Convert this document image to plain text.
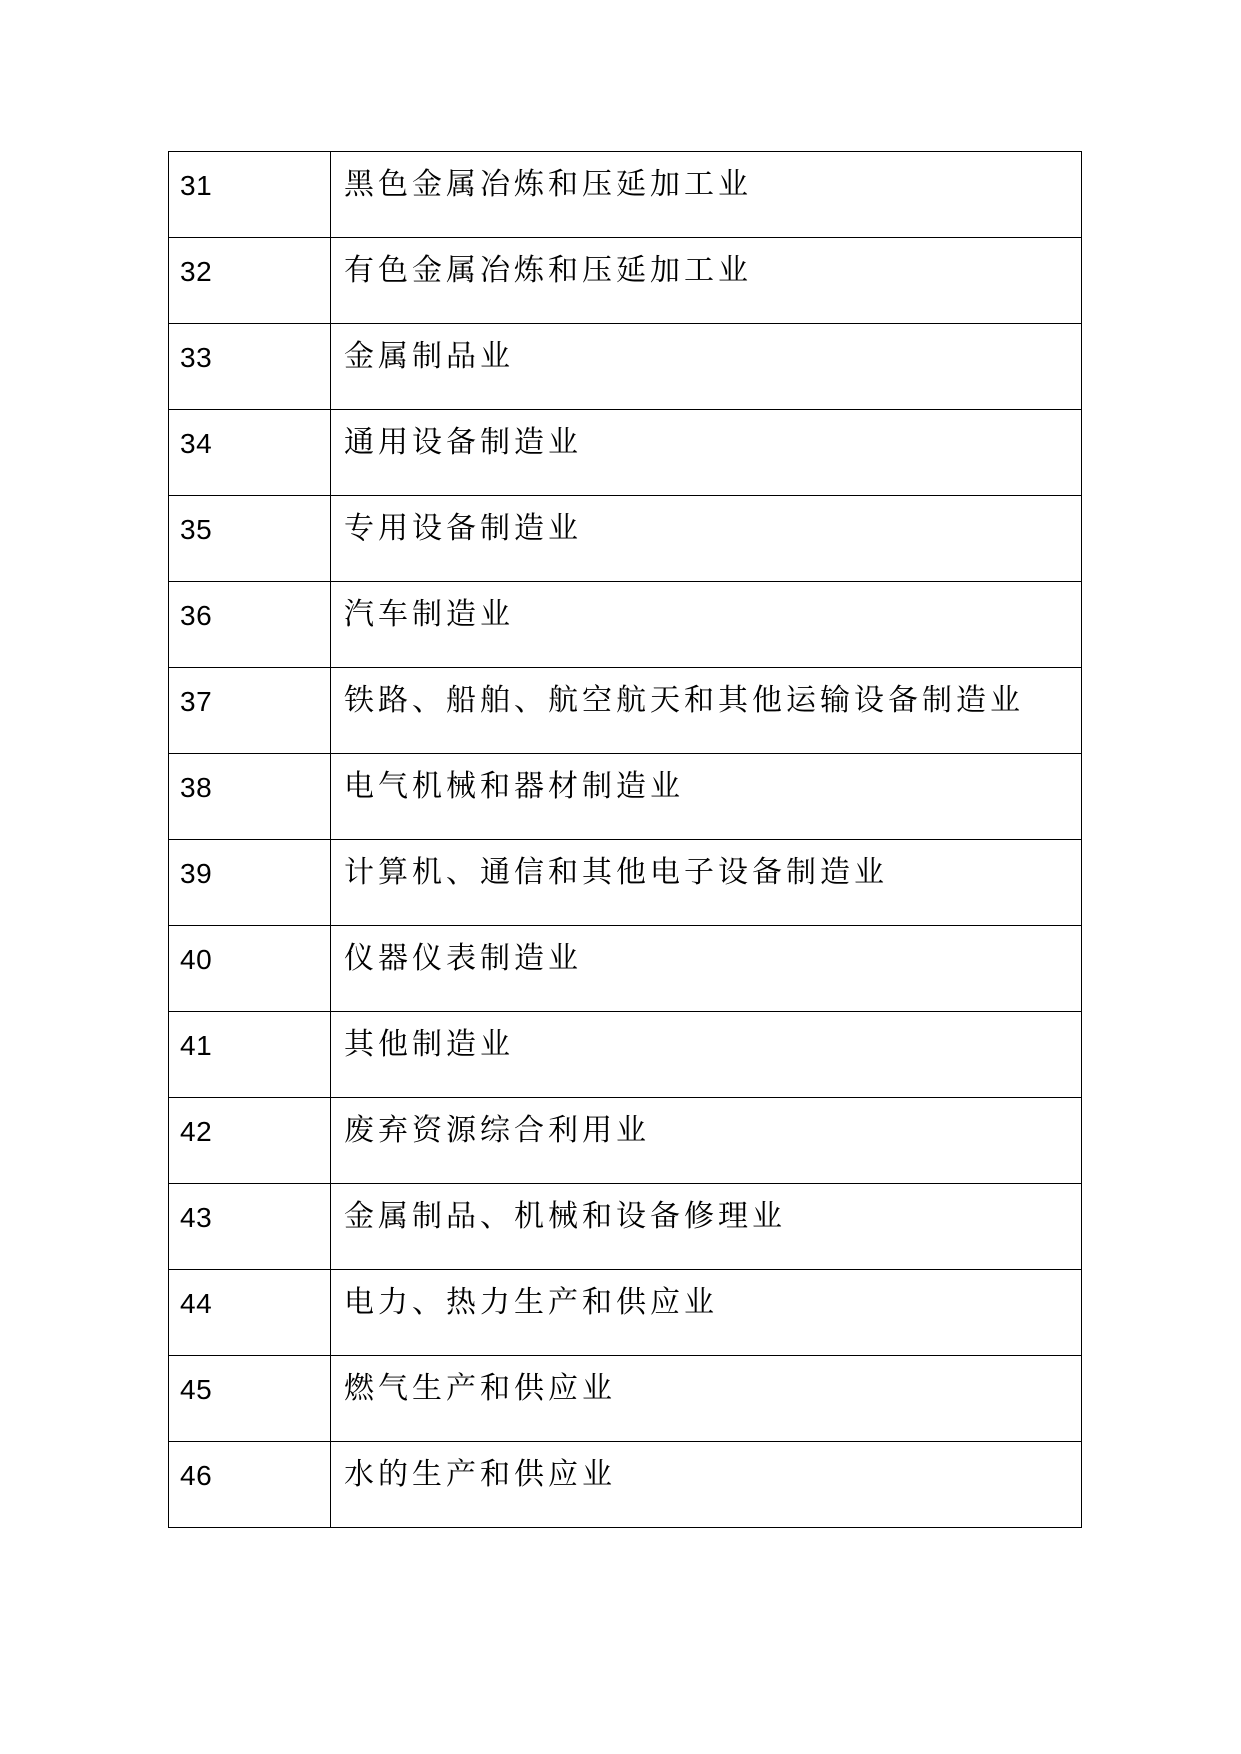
31	黑色金属冶炼和压延加工业

32	有色金属冶炼和压延加工业

33	金属制品业

34	通用设备制造业

35	专用设备制造业

36	汽车制造业

37	铁路、船舶、航空航天和其他运输设备制造业

38	电气机械和器材制造业

39	计算机、通信和其他电子设备制造业

40	仪器仪表制造业

41	其他制造业

42	废弃资源综合利用业

43	金属制品、机械和设备修理业

44	电力、热力生产和供应业

45	燃气生产和供应业

46	水的生产和供应业
